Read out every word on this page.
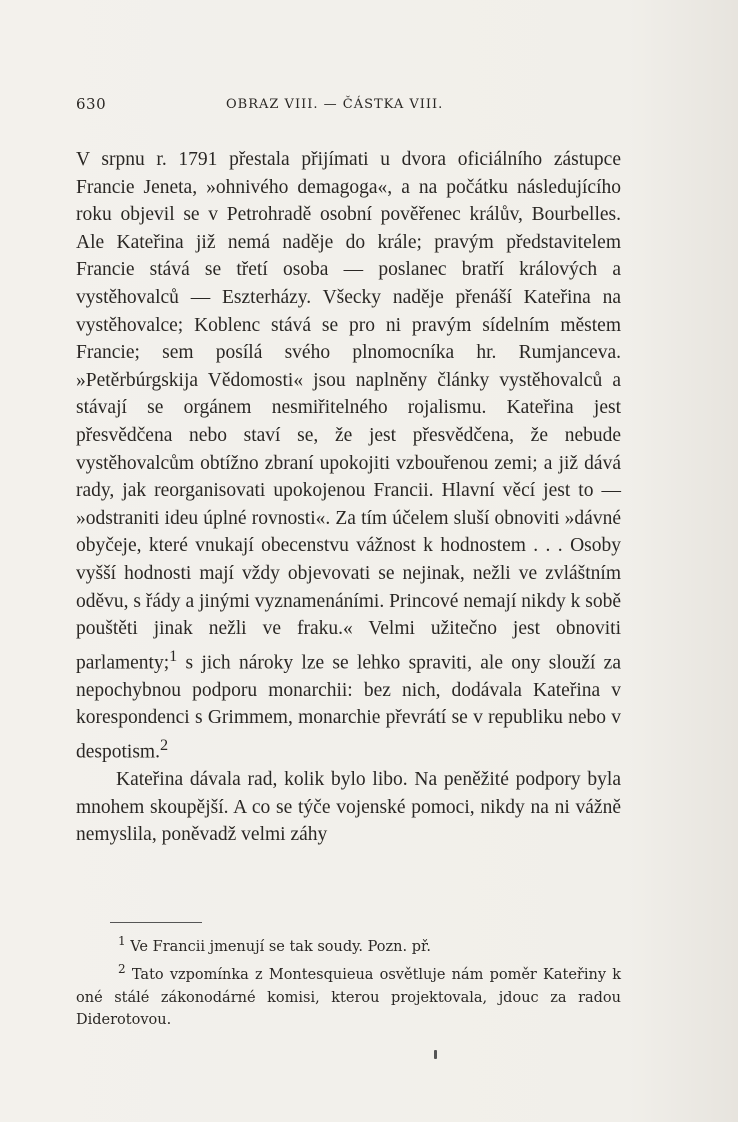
630	OBRAZ VIII. — ČÁSTKA VIII.

V srpnu r. 1791 přestala přijímati u dvora oficiálního zástupce Francie Jeneta, »ohnivého demagoga«, a na počátku následujícího roku objevil se v Petrohradě osobní pověřenec králův, Bourbelles. Ale Kateřina již nemá naděje do krále; pravým představitelem Francie stává se třetí osoba — poslanec bratří králových a vystěhovalců — Eszterházy. Všecky naděje přenáší Kateřina na vystěhovalce; Koblenc stává se pro ni pravým sídelním městem Francie; sem posílá svého plnomocníka hr. Rumjanceva. »Petěrbúrgskija Vědomosti« jsou naplněny články vystěhovalců a stávají se orgánem nesmiřitelného rojalismu. Kateřina jest přesvědčena nebo staví se, že jest přesvědčena, že nebude vystěhovalcům obtížno zbraní upokojiti vzbouřenou zemi; a již dává rady, jak reorganisovati upokojenou Francii. Hlavní věcí jest to — »odstraniti ideu úplné rovnosti«. Za tím účelem sluší obnoviti »dávné obyčeje, které vnukají obecenstvu vážnost k hodnostem . . . Osoby vyšší hodnosti mají vždy objevovati se nejinak, nežli ve zvláštním oděvu, s řády a jinými vyznamenáními. Princové nemají nikdy k sobě pouštěti jinak nežli ve fraku.« Velmi užitečno jest obnoviti parlamenty;$^1$ s jich nároky lze se lehko spraviti, ale ony slouží za nepochybnou podporu monarchii: bez nich, dodávala Kateřina v korespondenci s Grimmem, monarchie převrátí se v republiku nebo v despotism.$^2$

Kateřina dávala rad, kolik bylo libo. Na peněžité podpory byla mnohem skoupější. A co se týče vojenské pomoci, nikdy na ni vážně nemyslila, poněvadž velmi záhy

$^1$ Ve Francii jmenují se tak soudy. Pozn. př.

$^2$ Tato vzpomínka z Montesquieua osvětluje nám poměr Kateřiny k oné stálé zákonodárné komisi, kterou projektovala, jdouc za radou Diderotovou.
